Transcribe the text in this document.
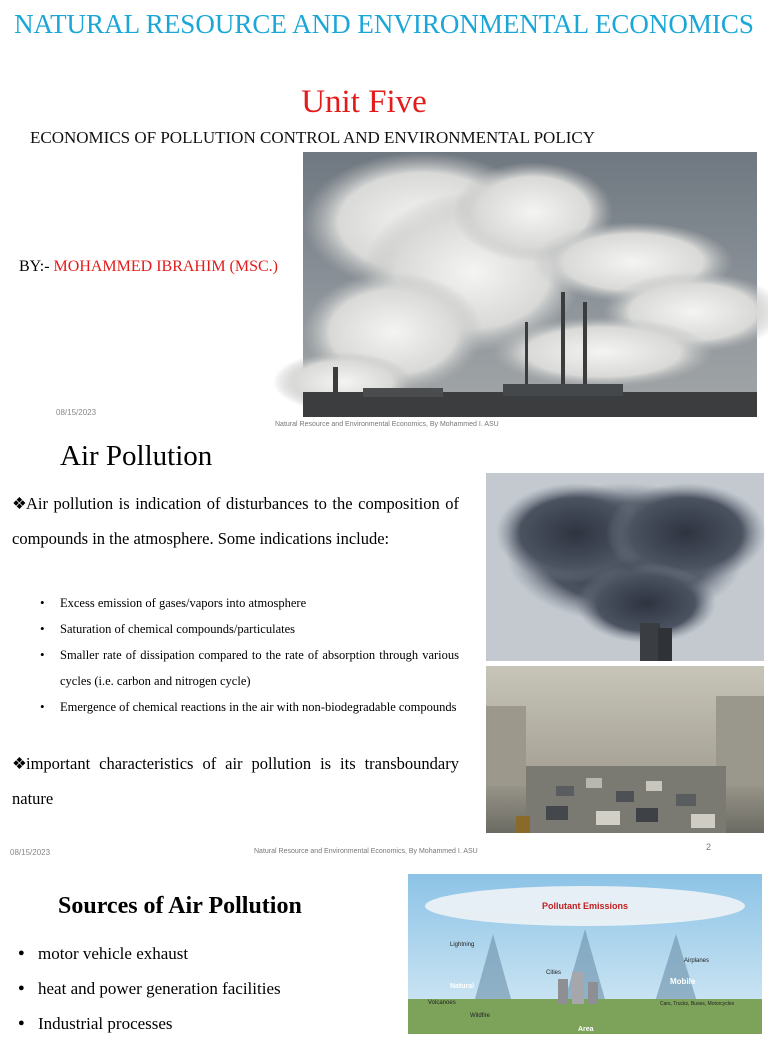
NATURAL RESOURCE AND ENVIRONMENTAL ECONOMICS
Unit Five
ECONOMICS OF POLLUTION CONTROL AND ENVIRONMENTAL POLICY
BY:- MOHAMMED IBRAHIM (MSC.)
08/15/2023
Natural Resource and Environmental Economics, By Mohammed I. ASU
Air Pollution

❖Air pollution is indication of disturbances to the composition of compounds in the atmosphere. Some indications include:

• Excess emission of gases/vapors into atmosphere
• Saturation of chemical compounds/particulates
• Smaller rate of dissipation compared to the rate of absorption through various cycles (i.e. carbon and nitrogen cycle)
• Emergence of chemical reactions in the air with non-biodegradable compounds

❖important characteristics of air pollution is its transboundary nature

08/15/2023	Natural Resource and Environmental Economics, By Mohammed I. ASU	2
Sources of Air Pollution
● motor vehicle exhaust
● heat and power generation facilities
● Industrial processes
Pollutant Emissions
Lightning
Natural
Volcanoes
Wildfire
Cities
Airplanes
Mobile
Cars, Trucks, Buses, Motorcycles
Area
